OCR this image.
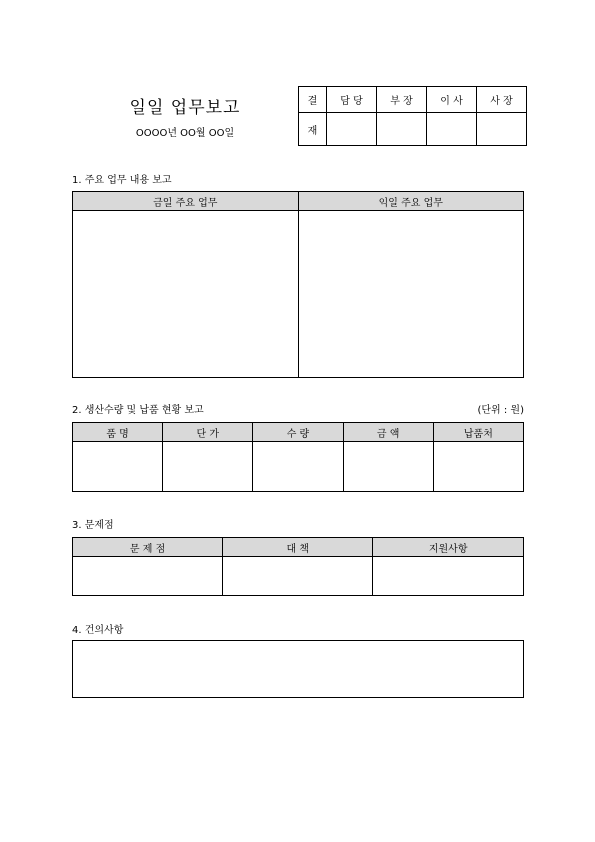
일일 업무보고
OOOO년 OO월 OO일
결	담 당	부 장	이 사	사 장
재				
1. 주요 업무 내용 보고
금일 주요 업무	익일 주요 업무

2. 생산수량 및 납품 현황 보고	(단위 : 원)
품 명	단 가	수 량	금 액	납품처

3. 문제점
문 제 점	대 책	지원사항

4. 건의사항
